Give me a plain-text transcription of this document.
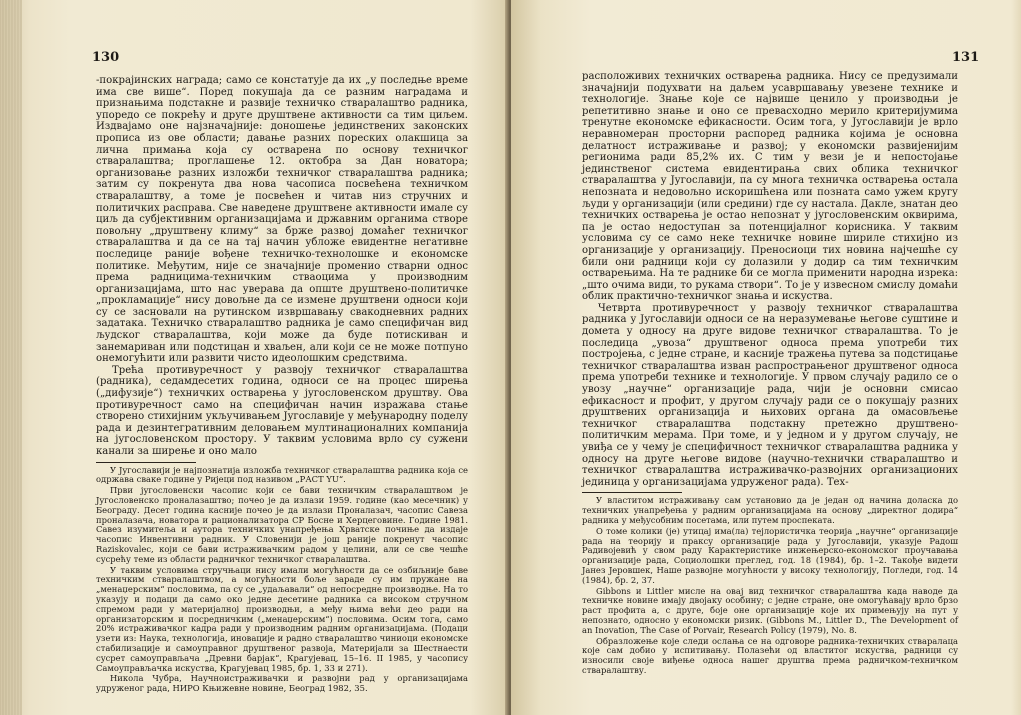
130

-покрајинских награда; само се констатује да их „у последње време има све више“. Поред покушаја да се разним наградама и признањима подстакне и развије техничко стваралаштво радника, упоредо се покрећу и друге друштвене активности са тим циљем. Издвајамо оне најзначајније: доношење јединствених законских прописа из ове области; давање разних пореских олакшица за лична примања која су остварена по основу техничког стваралаштва; проглашење 12. октобра за Дан новатора; организовање разних изложби техничког стваралаштва радника; затим су покренута два нова часописа посвећена техничком стваралаштву, а томе је посвећен и читав низ стручних и политичких расправа. Све наведене друштвене активности имале су циљ да субјективним организацијама и државним органима створе повољну „друштвену климу“ за брже развој домаћег техничког стваралаштва и да се на тај начин убложе евидентне негативне последице раније вођене техничко-технолошке и економске политике. Међутим, није се значајније променио стварни однос према радницима-техничким стваоцима у производним организацијама, што нас уверава да опште друштвено-политичке „прокламације“ нису довољне да се измене друштвени односи који су се засновали на рутинском извршавању свакодневних радних задатака. Техничко стваралаштво радника је само специфичан вид људског стваралаштва, који може да буде потискиван и занемариван или подстицан и хваљен, али који се не може потпуно онемогућити или развити чисто идеолошким средствима.

Трећа противуречност у развоју техничког стваралаштва (радника), седамдесетих година, односи се на процес ширења („дифузије“) техничких остварења у југословенском друштву. Ова противуречност само на специфичан начин изражава стање створено стихијним укључивањем Југославије у међународну поделу рада и дезинтегративним деловањем мултинационалних компанија на југословенском простору. У таквим условима врло су сужени канали за ширење и оно мало

У Југославији је најпознатија изложба техничког стваралаштва радника која се одржава сваке године у Ријеци под називом „РАСТ YU“.

Први југословенски часопис који се бави техничким стваралаштвом је Југословенско проналазаштво; почео је да излази 1959. године (као месечник) у Београду. Десет година касније почео је да излази Проналазач, часопис Савеза проналазача, новатора и рационализатора СР Босне и Херцеговине. Године 1981. Савез изумитеља и аутора техничких унапређења Хрватске почиње да издаје часопис Инвентивни радник. У Словенији је још раније покренут часопис Raziskovalec, који се бави истраживачким радом у целини, али се све чешће сусрећу теме из области радничког техничког стваралаштва.

У таквим условима стручњаци нису имали могућности да се озбиљније баве техничким стваралаштвом, а могућности боље зараде су им пружане на „менаџерским“ пословима, па су се „удаљавали“ од непосредне производње. На то указују и подаци да само око једне десетине радника са високом стручном спремом ради у материјалној производњи, а међу њима већи део ради на организаторским и посредничким („менаџерским“) пословима. Осим тога, само 20% истраживачког кадра ради у производним радним организацијама. (Подаци узети из: Наука, технологија, иновације и радно стваралаштво чиниоци економске стабилизације и самоуправног друштвеног развоја, Материјали за Шестнаести сусрет самоуправљача „Древни барјак“, Крагујевац, 15–16. II 1985, у часопису Самоуправљачка искуства, Крагујевац 1985, бр. 1, 33 и 271).

Никола Чубра, Научноистраживачки и развојни рад у организацијама удруженог рада, НИРО Књижевне новине, Београд 1982, 35.

131

расположивих техничких остварења радника. Нису се предузимали значајнији подухвати на даљем усавршавању увезене технике и технологије. Знање које се највише ценило у производњи је репетитивно знање и оно се превасходно мерило критеријумима тренутне економске ефикасности. Осим тога, у Југославији је врло неравномеран просторни распоред радника којима је основна делатност истраживање и развој; у економски развијенијим регионима ради 85,2% их. С тим у вези је и непостојање јединственог система евидентирања свих облика техничког стваралаштва у Југославији, па су многа техничка остварења остала непозната и недовољно искоришћена или позната само ужем кругу људи у организацији (или средини) где су настала. Дакле, знатан део техничких остварења је остао непознат у југословенским оквирима, па је остао недоступан за потенцијалног корисника. У таквим условима су се само неке техничке новине шириле стихијно из организације у организацију. Преносиоци тих новина најчешће су били они радници који су долазили у додир са тим техничким остварењима. На те раднике би се могла применити народна изрека: „што очима види, то рукама створи“. То је у извесном смислу домаћи облик практично-техничког знања и искуства.

Четврта противуречност у развоју техничког стваралаштва радника у Југославији односи се на неразумевање његове суштине и домета у односу на друге видове техничког стваралаштва. То је последица „увоза“ друштвеног односа према употреби тих постројења, с једне стране, и касније тражења путева за подстицање техничког стваралаштва изван распрострањеног друштвеног односа према употреби технике и технологије. У првом случају радило се о увозу „научне“ организације рада, чији је основни смисао ефикасност и профит, у другом случају ради се о покушају разних друштвених организација и њихових органа да омасовљење техничког стваралаштва подстакну претежно друштвено-политичким мерама. При томе, и у једном и у другом случају, не увиђа се у чему је специфичност техничког стваралаштва радника у односу на друге његове видове (научно-технички стваралаштво и техничког стваралаштва истраживачко-развојних организационих јединица у организацијама удруженог рада). Тех-

У властитом истраживању сам установио да је један од начина доласка до техничких унапређења у радним организацијама на основу „директног додира“ радника у међусобним посетама, или путем проспеката.

О томе колики (је) утицај има(ла) тејлористичка теорија „научне“ организације рада на теорију и праксу организације рада у Југославији, указује Радош Радивојевић у свом раду Карактеристике инжењерско-економског проучавања организације рада, Социолошки преглед, год. 18 (1984), бр. 1–2. Такође видети Јанез Јеровшек, Наше развојне могућности у високу технологију, Погледи, год. 14 (1984), бр. 2, 37.

Gibbons и Littler мисле на овај вид техничког стваралаштва када наводе да техничке новине имају двојаку особину; с једне стране, оне омогућавају врло брзо раст профита а, с друге, боје оне организације које их примењују на пут у непознато, односно у економски ризик. (Gibbons M., Littler D., The Development of an Inovation, The Case of Porvair, Research Policy (1979), No. 8.

Образложење које следи ослања се на одговоре радника-техничких стваралаца које сам добио у испитивању. Полазећи од властитог искуства, радници су износили своје виђење односа нашег друштва према радничком-техничком стваралаштву.
